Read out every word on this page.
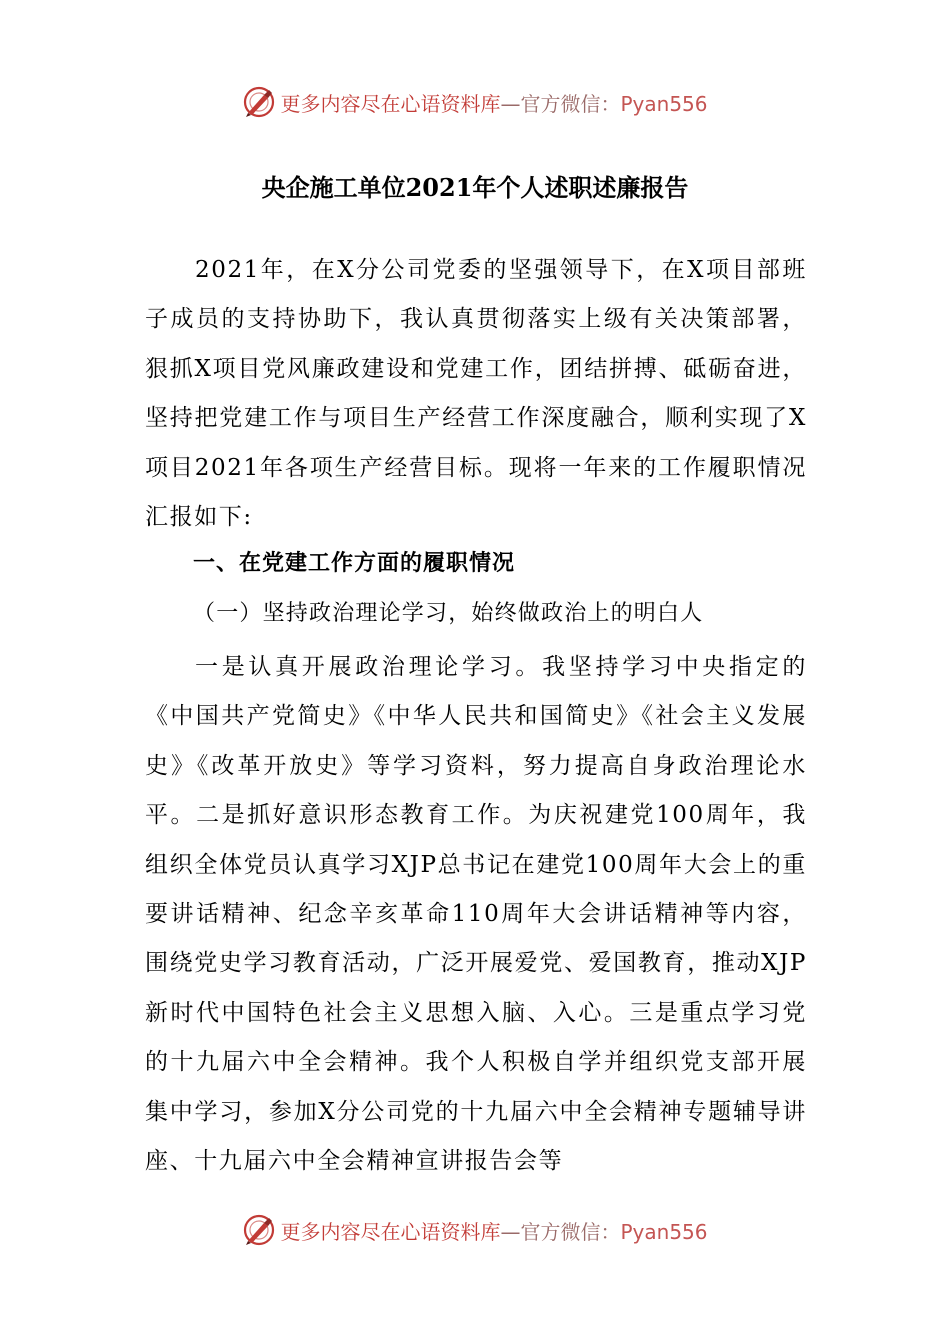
更多内容尽在心语资料库—官方微信：Pyan556
央企施工单位2021年个人述职述廉报告

2021年，在X分公司党委的坚强领导下，在X项目部班子成员的支持协助下，我认真贯彻落实上级有关决策部署，狠抓X项目党风廉政建设和党建工作，团结拼搏、砥砺奋进，坚持把党建工作与项目生产经营工作深度融合，顺利实现了X项目2021年各项生产经营目标。现将一年来的工作履职情况汇报如下:

一、在党建工作方面的履职情况
（一）坚持政治理论学习，始终做政治上的明白人

一是认真开展政治理论学习。我坚持学习中央指定的《中国共产党简史》《中华人民共和国简史》《社会主义发展史》《改革开放史》等学习资料，努力提高自身政治理论水平。二是抓好意识形态教育工作。为庆祝建党100周年，我组织全体党员认真学习XJP总书记在建党100周年大会上的重要讲话精神、纪念辛亥革命110周年大会讲话精神等内容，围绕党史学习教育活动，广泛开展爱党、爱国教育，推动XJP新时代中国特色社会主义思想入脑、入心。三是重点学习党的十九届六中全会精神。我个人积极自学并组织党支部开展集中学习，参加X分公司党的十九届六中全会精神专题辅导讲座、十九届六中全会精神宣讲报告会等

更多内容尽在心语资料库—官方微信：Pyan556
